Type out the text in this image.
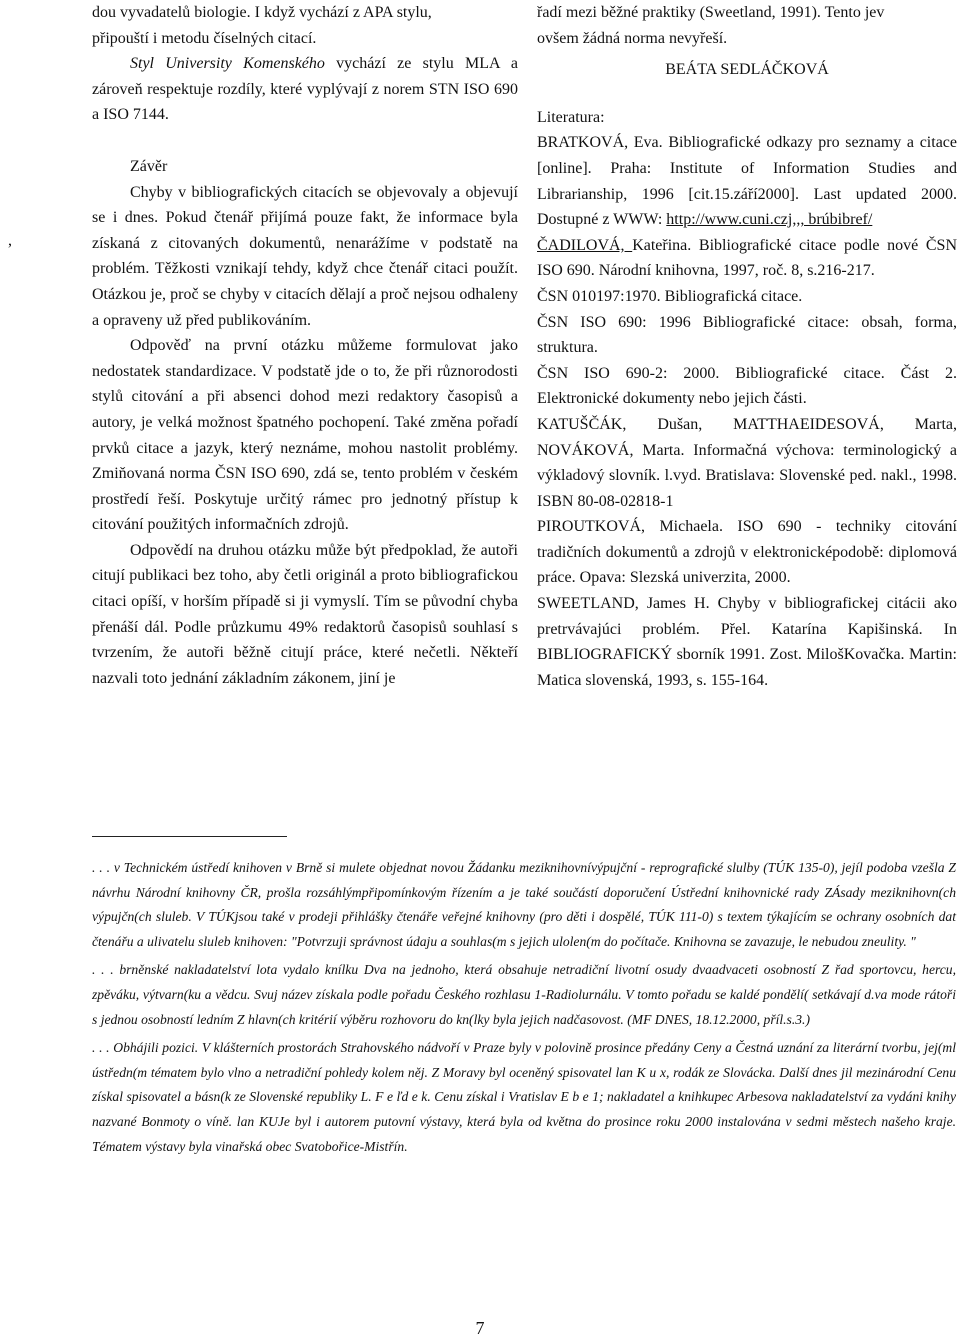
dou vyvadatelů biologie. I když vychází z APA stylu,
připouští i metodu číselných citací.

Styl University Komenského vychází ze stylu MLA a zároveň respektuje rozdíly, které vyplývají z norem STN ISO 690 a ISO 7144.

Závěr

Chyby v bibliografických citacích se objevovaly a objevují se i dnes. Pokud čtenář přijímá pouze fakt, že informace byla získaná z citovaných dokumentů, nenarážíme v podstatě na problém. Těžkosti vznikají tehdy, když chce čtenář citaci použít. Otázkou je, proč se chyby v citacích dělají a proč nejsou odhaleny a opraveny už před publikováním.

Odpověď na první otázku můžeme formulovat jako nedostatek standardizace. V podstatě jde o to, že při různorodosti stylů citování a při absenci dohod mezi redaktory časopisů a autory, je velká možnost špatného pochopení. Také změna pořadí prvků citace a jazyk, který neznáme, mohou nastolit problémy. Zmiňovaná norma ČSN ISO 690, zdá se, tento problém v českém prostředí řeší. Poskytuje určitý rámec pro jednotný přístup k citování použitých informačních zdrojů.

Odpovědí na druhou otázku může být předpoklad, že autoři citují publikaci bez toho, aby četli originál a proto bibliografickou citaci opíší, v horším případě si ji vymyslí. Tím se původní chyba přenáší dál. Podle průzkumu 49% redaktorů časopisů souhlasí s tvrzením, že autoři běžně citují práce, které nečetli. Někteří nazvali toto jednání základním zákonem, jiní je

,
řadí mezi běžné praktiky (Sweetland, 1991). Tento jev
ovšem žádná norma nevyřeší.
BEÁTA SEDLÁČKOVÁ
Literatura:

BRATKOVÁ, Eva. Bibliografické odkazy pro seznamy a citace [online]. Praha: Institute of Information Studies and Librarianship, 1996 [cit.15.září2000]. Last updated 2000. Dostupné z WWW: http://www.cuni.czj,,, brúbibref/

ČADILOVÁ, Kateřina. Bibliografické citace podle nové ČSN ISO 690. Národní knihovna, 1997, roč. 8, s.216-217.

ČSN 010197:1970. Bibliografická citace.

ČSN ISO 690: 1996 Bibliografické citace: obsah, forma, struktura.

ČSN ISO 690-2: 2000. Bibliografické citace. Část 2. Elektronické dokumenty nebo jejich části.

KATUŠČÁK, Dušan, MATTHAEIDESOVÁ, Marta, NOVÁKOVÁ, Marta. Informačná výchova: terminologický a výkladový slovník. l.vyd. Bratislava: Slovenské ped. nakl., 1998. ISBN 80-08-02818-1

PIROUTKOVÁ, Michaela. ISO 690 - techniky citování tradičních dokumentů a zdrojů v elektronicképodobě: diplomová práce. Opava: Slezská univerzita, 2000.

SWEETLAND, James H. Chyby v bibliografickej citácii ako pretrvávajúci problém. Přel. Katarína Kapišinská. In BIBLIOGRAFICKÝ sborník 1991. Zost. MilošKovačka. Martin: Matica slovenská, 1993, s. 155-164.

. . . v Technickém ústředí knihoven v Brně si mulete objednat novou Žádanku meziknihovnívýpujční - reprografické slulby (TÚK 135-0), jejíl podoba vzešla Z návrhu Národní knihovny ČR, prošla rozsáhlýmpřipomínkovým řízením a je také součástí doporučení Ústřední knihovnické rady ZÁsady meziknihovn(ch výpujčn(ch sluleb. V TÚKjsou také v prodeji přihlášky čtenáře veřejné knihovny (pro děti i dospělé, TÚK 111-0) s textem týkajícím se ochrany osobních dat čtenářu a ulivatelu sluleb knihoven: "Potvrzuji správnost údaju a souhlas(m s jejich ulolen(m do počítače. Knihovna se zavazuje, le nebudou zneulity. "

. . . brněnské nakladatelství lota vydalo knílku Dva na jednoho, která obsahuje netradiční livotní osudy dvaadvaceti osobností Z řad sportovcu, hercu, zpěváku, výtvarn(ku a vědcu. Svuj název získala podle pořadu Českého rozhlasu 1-Radiolurnálu. V tomto pořadu se kaldé pondělí( setkávají d.va mode rátoři s jednou osobností ledním Z hlavn(ch kritérií výběru rozhovoru do kn(lky byla jejich nadčasovost. (MF DNES, 18.12.2000, příl.s.3.)

. . . Obhájili pozici. V klášterních prostorách Strahovského nádvoří v Praze byly v polovině prosince předány Ceny a Čestná uznání za literární tvorbu, jej(ml ústředn(m tématem bylo vlno a netradiční pohledy kolem něj. Z Moravy byl oceněný spisovatel lan K u x, rodák ze Slovácka. Další dnes jil mezinárodní Cenu získal spisovatel a básn(k ze Slovenské republiky L. F e ľd e k. Cenu získal i Vratislav E b e 1; nakladatel a knihkupec Arbesova nakladatelství za vydáni knihy nazvané Bonmoty o víně. lan KUJe byl i autorem putovní výstavy, která byla od května do prosince roku 2000 instalována v sedmi městech našeho kraje. Tématem výstavy byla vinařská obec Svatobořice-Mistřín.

7
